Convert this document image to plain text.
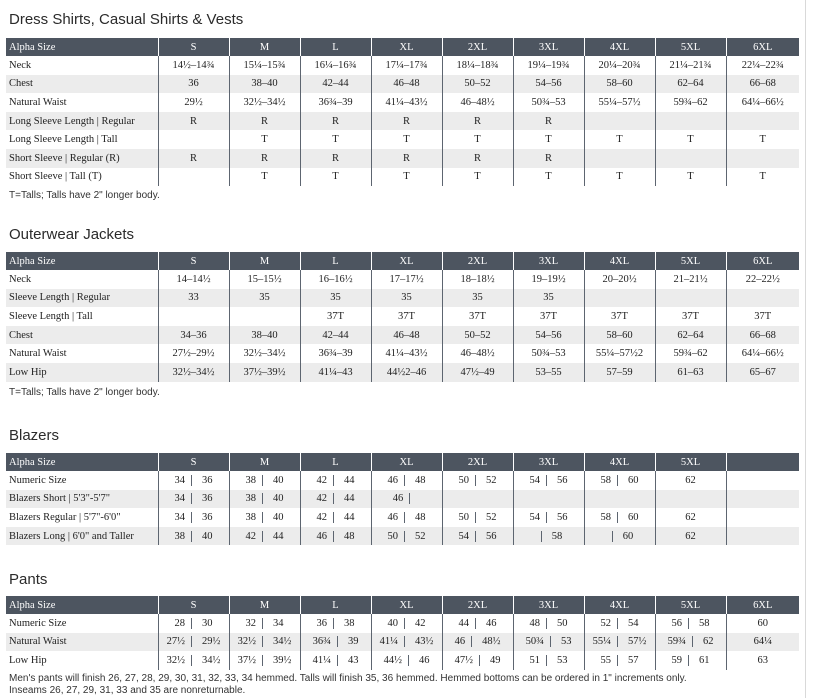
Dress Shirts, Casual Shirts & Vests
Alpha Size	S	M	L	XL	2XL	3XL	4XL	5XL	6XL
Neck	14½–14¾	15¼–15¾	16¼–16¾	17¼–17¾	18¼–18¾	19¼–19¾	20¼–20¾	21¼–21¾	22¼–22¾
Chest	36	38–40	42–44	46–48	50–52	54–56	58–60	62–64	66–68
Natural Waist	29½	32½–34½	36¾–39	41¼–43½	46–48½	50¾–53	55¼–57½	59¾–62	64¼–66½
Long Sleeve Length | Regular	R	R	R	R	R	R			
Long Sleeve Length | Tall		T	T	T	T	T	T	T	T
Short Sleeve | Regular (R)	R	R	R	R	R	R			
Short Sleeve | Tall (T)		T	T	T	T	T	T	T	T

T=Talls; Talls have 2" longer body.

Outerwear Jackets
Alpha Size	S	M	L	XL	2XL	3XL	4XL	5XL	6XL
Neck	14–14½	15–15½	16–16½	17–17½	18–18½	19–19½	20–20½	21–21½	22–22½
Sleeve Length | Regular	33	35	35	35	35	35			
Sleeve Length | Tall			37T	37T	37T	37T	37T	37T	37T
Chest	34–36	38–40	42–44	46–48	50–52	54–56	58–60	62–64	66–68
Natural Waist	27½–29½	32½–34½	36¾–39	41¼–43½	46–48½	50¾–53	55¼–57½2	59¾–62	64¼–66½
Low Hip	32½–34½	37½–39½	41¼–43	44½2–46	47½–49	53–55	57–59	61–63	65–67

T=Talls; Talls have 2" longer body.

Blazers
Alpha Size	S	M	L	XL	2XL	3XL	4XL	5XL	
Numeric Size	34 36	38 40	42 44	46 48	50 52	54 56	58 60	62	

Blazers Short | 5'3"-5'7"	34 36	38 40	42 44	46					

Blazers Regular | 5'7"-6'0"	34 36	38 40	42 44	46 48	50 52	54 56	58 60	62	

Blazers Long | 6'0" and Taller	38 40	42 44	46 48	50 52	54 56	58	60	62	

Pants
Alpha Size	S	M	L	XL	2XL	3XL	4XL	5XL	6XL
Numeric Size	28 30	32 34	36 38	40 42	44 46	48 50	52 54	56 58	60

Natural Waist	27½ 29½	32½ 34½	36¾ 39	41¼ 43½	46 48½	50¾ 53	55¼ 57½	59¾ 62	64¼

Low Hip	32½ 34½	37½ 39½	41¼ 43	44½ 46	47½ 49	51 53	55 57	59 61	63

Men's pants will finish 26, 27, 28, 29, 30, 31, 32, 33, 34 hemmed. Talls will finish 35, 36 hemmed. Hemmed bottoms can be ordered in 1" increments only.

Inseams 26, 27, 29, 31, 33 and 35 are nonreturnable.
